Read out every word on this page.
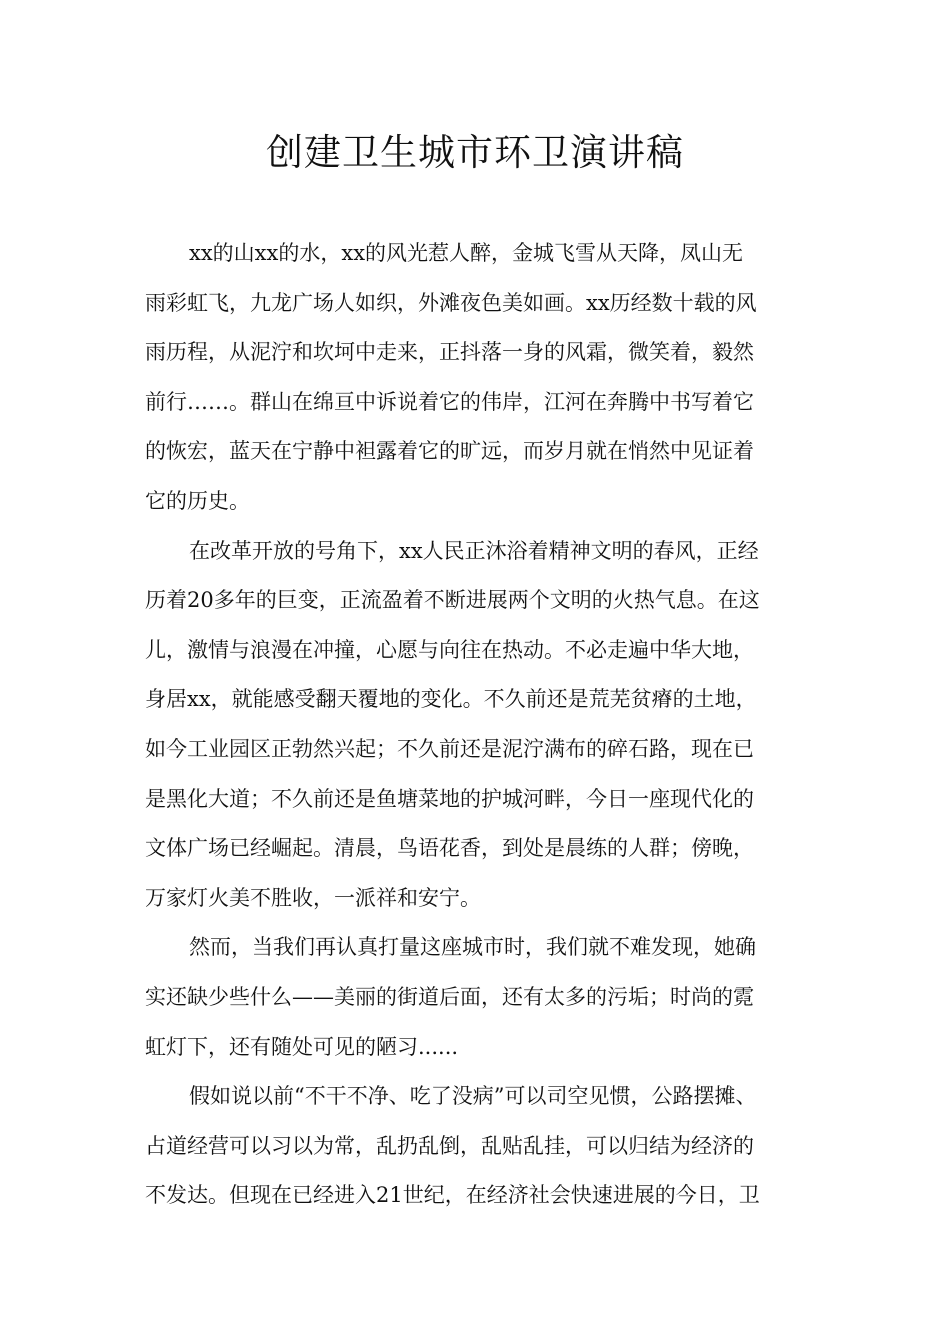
创建卫生城市环卫演讲稿
xx的山xx的水，xx的风光惹人醉，金城飞雪从天降，凤山无
雨彩虹飞，九龙广场人如织，外滩夜色美如画。xx历经数十载的风
雨历程，从泥泞和坎坷中走来，正抖落一身的风霜，微笑着，毅然
前行……。群山在绵亘中诉说着它的伟岸，江河在奔腾中书写着它
的恢宏，蓝天在宁静中袒露着它的旷远，而岁月就在悄然中见证着
它的历史。
在改革开放的号角下，xx人民正沐浴着精神文明的春风，正经
历着20多年的巨变，正流盈着不断进展两个文明的火热气息。在这
儿，激情与浪漫在冲撞，心愿与向往在热动。不必走遍中华大地，
身居xx，就能感受翻天覆地的变化。不久前还是荒芜贫瘠的土地，
如今工业园区正勃然兴起；不久前还是泥泞满布的碎石路，现在已
是黑化大道；不久前还是鱼塘菜地的护城河畔，今日一座现代化的
文体广场已经崛起。清晨，鸟语花香，到处是晨练的人群；傍晚，
万家灯火美不胜收，一派祥和安宁。
然而，当我们再认真打量这座城市时，我们就不难发现，她确
实还缺少些什么——美丽的街道后面，还有太多的污垢；时尚的霓
虹灯下，还有随处可见的陋习......
假如说以前“不干不净、吃了没病”可以司空见惯，公路摆摊、
占道经营可以习以为常，乱扔乱倒，乱贴乱挂，可以归结为经济的
不发达。但现在已经进入21世纪，在经济社会快速进展的今日，卫
